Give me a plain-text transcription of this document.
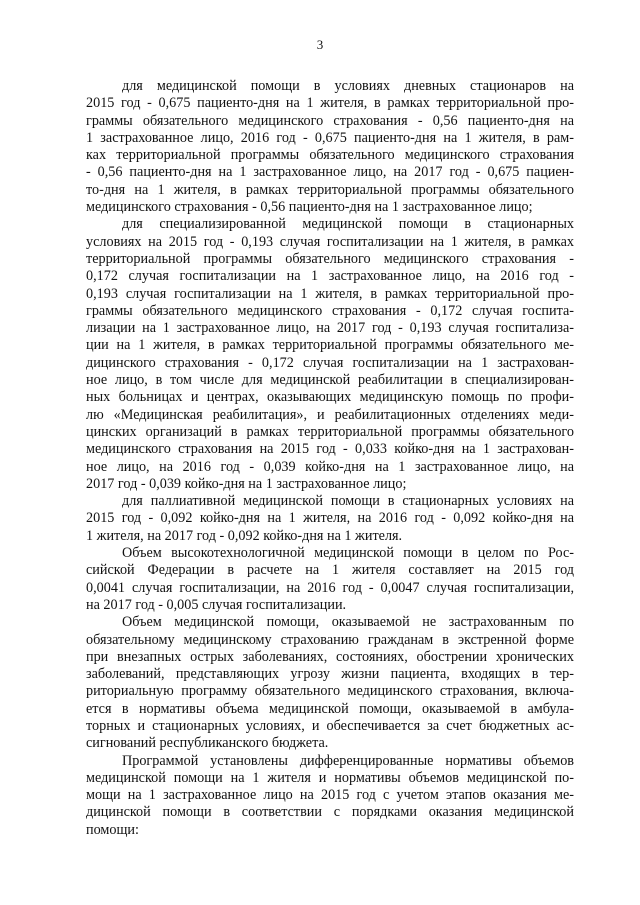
3
для медицинской помощи в условиях дневных стационаров на
2015 год - 0,675 пациенто-дня на 1 жителя, в рамках территориальной про-
граммы обязательного медицинского страхования - 0,56 пациенто-дня на
1 застрахованное лицо, 2016 год - 0,675 пациенто-дня на 1 жителя, в рам-
ках территориальной программы обязательного медицинского страхования
- 0,56 пациенто-дня на 1 застрахованное лицо, на 2017 год - 0,675 пациен-
то-дня на 1 жителя, в рамках территориальной программы обязательного
медицинского страхования - 0,56 пациенто-дня на 1 застрахованное лицо;
для специализированной медицинской помощи в стационарных
условиях на 2015 год - 0,193 случая госпитализации на 1 жителя, в рамках
территориальной программы обязательного медицинского страхования -
0,172 случая госпитализации на 1 застрахованное лицо, на 2016 год -
0,193 случая госпитализации на 1 жителя, в рамках территориальной про-
граммы обязательного медицинского страхования - 0,172 случая госпита-
лизации на 1 застрахованное лицо, на 2017 год - 0,193 случая госпитализа-
ции на 1 жителя, в рамках территориальной программы обязательного ме-
дицинского страхования - 0,172 случая госпитализации на 1 застрахован-
ное лицо, в том числе для медицинской реабилитации в специализирован-
ных больницах и центрах, оказывающих медицинскую помощь по профи-
лю «Медицинская реабилитация», и реабилитационных отделениях меди-
цинских организаций в рамках территориальной программы обязательного
медицинского страхования на 2015 год - 0,033 койко-дня на 1 застрахован-
ное лицо, на 2016 год - 0,039 койко-дня на 1 застрахованное лицо, на
2017 год - 0,039 койко-дня на 1 застрахованное лицо;
для паллиативной медицинской помощи в стационарных условиях на
2015 год - 0,092 койко-дня на 1 жителя, на 2016 год - 0,092 койко-дня на
1 жителя, на 2017 год - 0,092 койко-дня на 1 жителя.
Объем высокотехнологичной медицинской помощи в целом по Рос-
сийской Федерации в расчете на 1 жителя составляет на 2015 год
0,0041 случая госпитализации, на 2016 год - 0,0047 случая госпитализации,
на 2017 год - 0,005 случая госпитализации.
Объем медицинской помощи, оказываемой не застрахованным по
обязательному медицинскому страхованию гражданам в экстренной форме
при внезапных острых заболеваниях, состояниях, обострении хронических
заболеваний, представляющих угрозу жизни пациента, входящих в тер-
риториальную программу обязательного медицинского страхования, включа-
ется в нормативы объема медицинской помощи, оказываемой в амбула-
торных и стационарных условиях, и обеспечивается за счет бюджетных ас-
сигнований республиканского бюджета.
Программой установлены дифференцированные нормативы объемов
медицинской помощи на 1 жителя и нормативы объемов медицинской по-
мощи на 1 застрахованное лицо на 2015 год с учетом этапов оказания ме-
дицинской помощи в соответствии с порядками оказания медицинской
помощи:
